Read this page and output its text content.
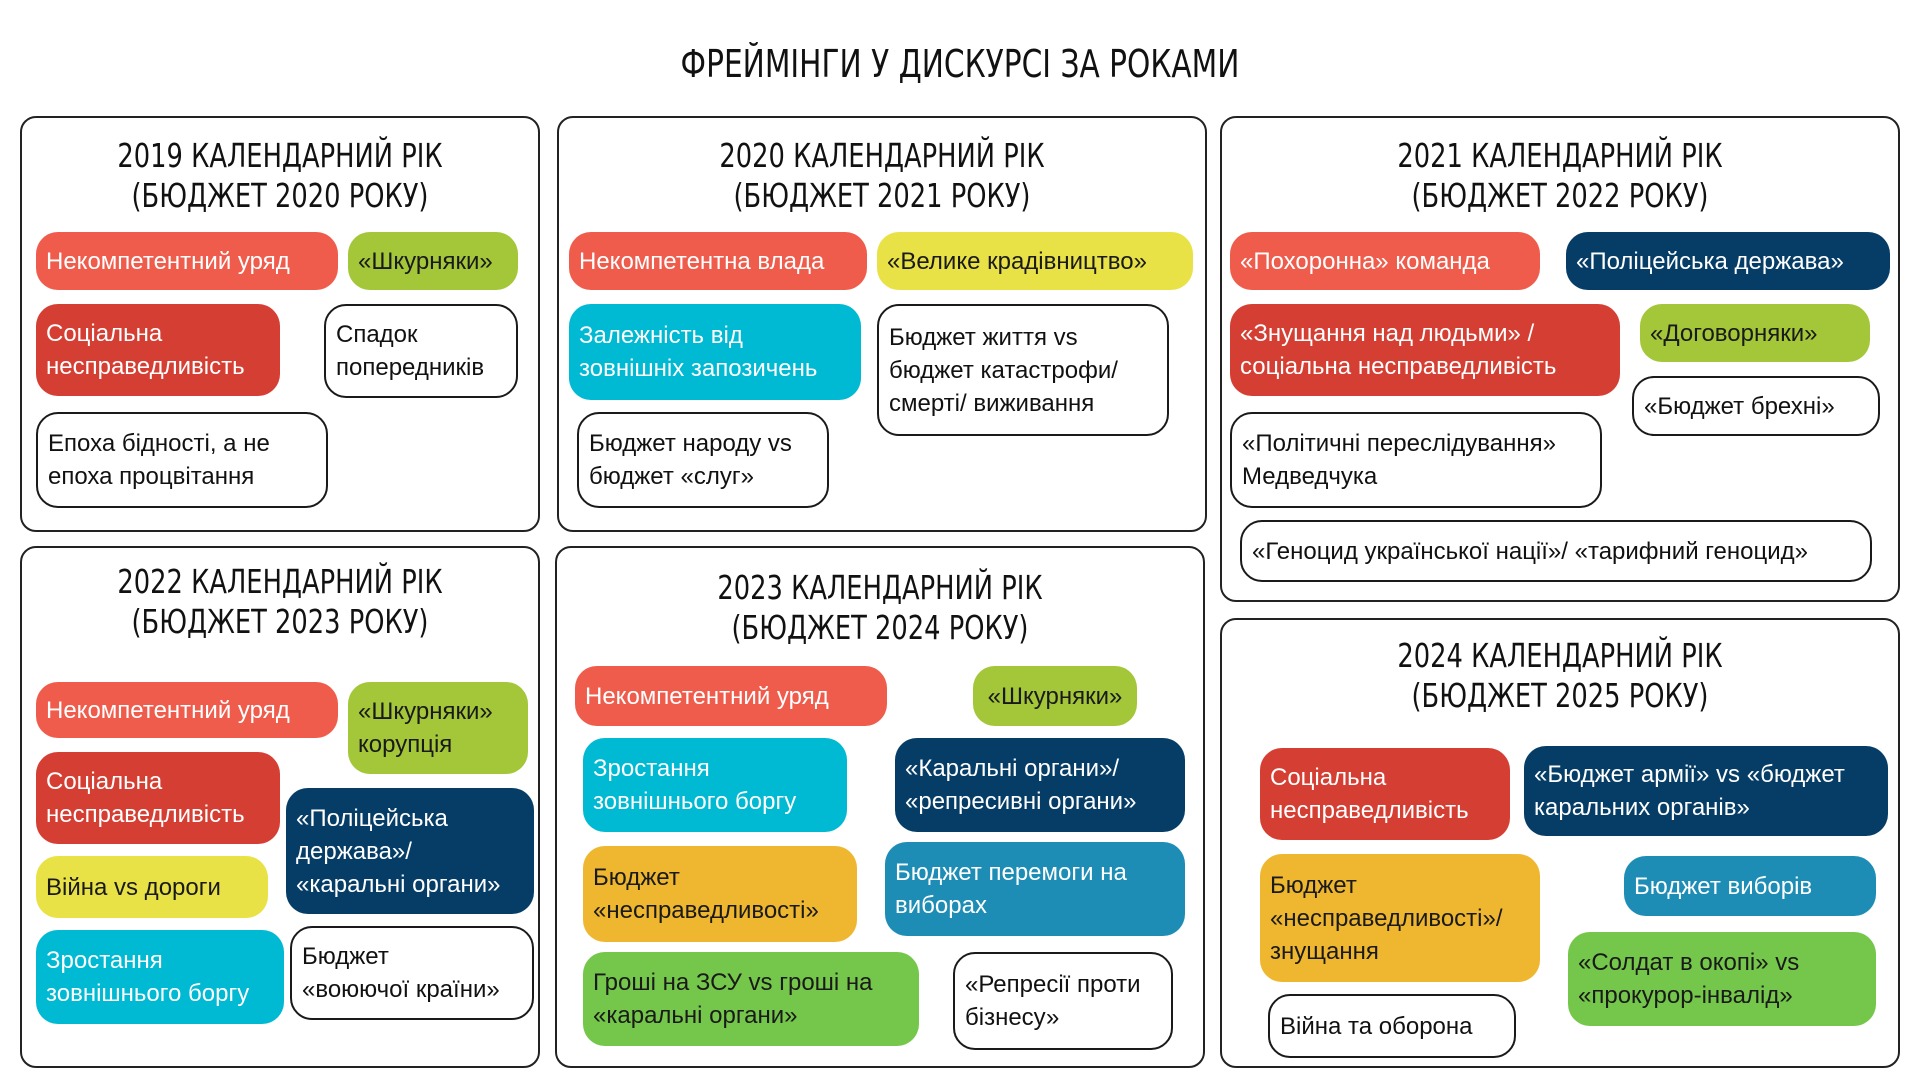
ФРЕЙМІНГИ У ДИСКУРСІ ЗА РОКАМИ
2019 КАЛЕНДАРНИЙ РІК
(БЮДЖЕТ 2020 РОКУ)
Некомпетентний уряд	«Шкурняки»
Соціальна
несправедливість
Спадок
попередників
Епоха бідності, а не
епоха процвітання
2020 КАЛЕНДАРНИЙ РІК
(БЮДЖЕТ 2021 РОКУ)
Некомпетентна влада	«Велике крадівництво»
Залежність від
зовнішніх запозичень
Бюджет життя vs
бюджет катастрофи/
смерті/ виживання
Бюджет народу vs
бюджет «слуг»
2021 КАЛЕНДАРНИЙ РІК
(БЮДЖЕТ 2022 РОКУ)
«Похоронна» команда	«Поліцейська держава»
«Знущання над людьми» /
соціальна несправедливість
«Договорняки»
«Бюджет брехні»
«Політичні переслідування»
Медведчука
«Геноцид української нації»/ «тарифний геноцид»
2022 КАЛЕНДАРНИЙ РІК
(БЮДЖЕТ 2023 РОКУ)
Некомпетентний уряд	«Шкурняки»
корупція
Соціальна
несправедливість	«Поліцейська
держава»/
«каральні органи»
Війна vs дороги
Зростання
зовнішнього боргу
Бюджет
«воюючої країни»
2023 КАЛЕНДАРНИЙ РІК
(БЮДЖЕТ 2024 РОКУ)
Некомпетентний уряд	«Шкурняки»
Зростання
зовнішнього боргу
«Каральні органи»/
«репресивні органи»
Бюджет
«несправедливості»
Бюджет перемоги на
виборах
Гроші на ЗСУ vs гроші на
«каральні органи»
«Репресії проти
бізнесу»
2024 КАЛЕНДАРНИЙ РІК
(БЮДЖЕТ 2025 РОКУ)
Соціальна
несправедливість
«Бюджет армії» vs «бюджет
каральних органів»
Бюджет
«несправедливості»/
знущання
Бюджет виборів
«Солдат в окопі» vs
«прокурор-інвалід»
Війна та оборона
